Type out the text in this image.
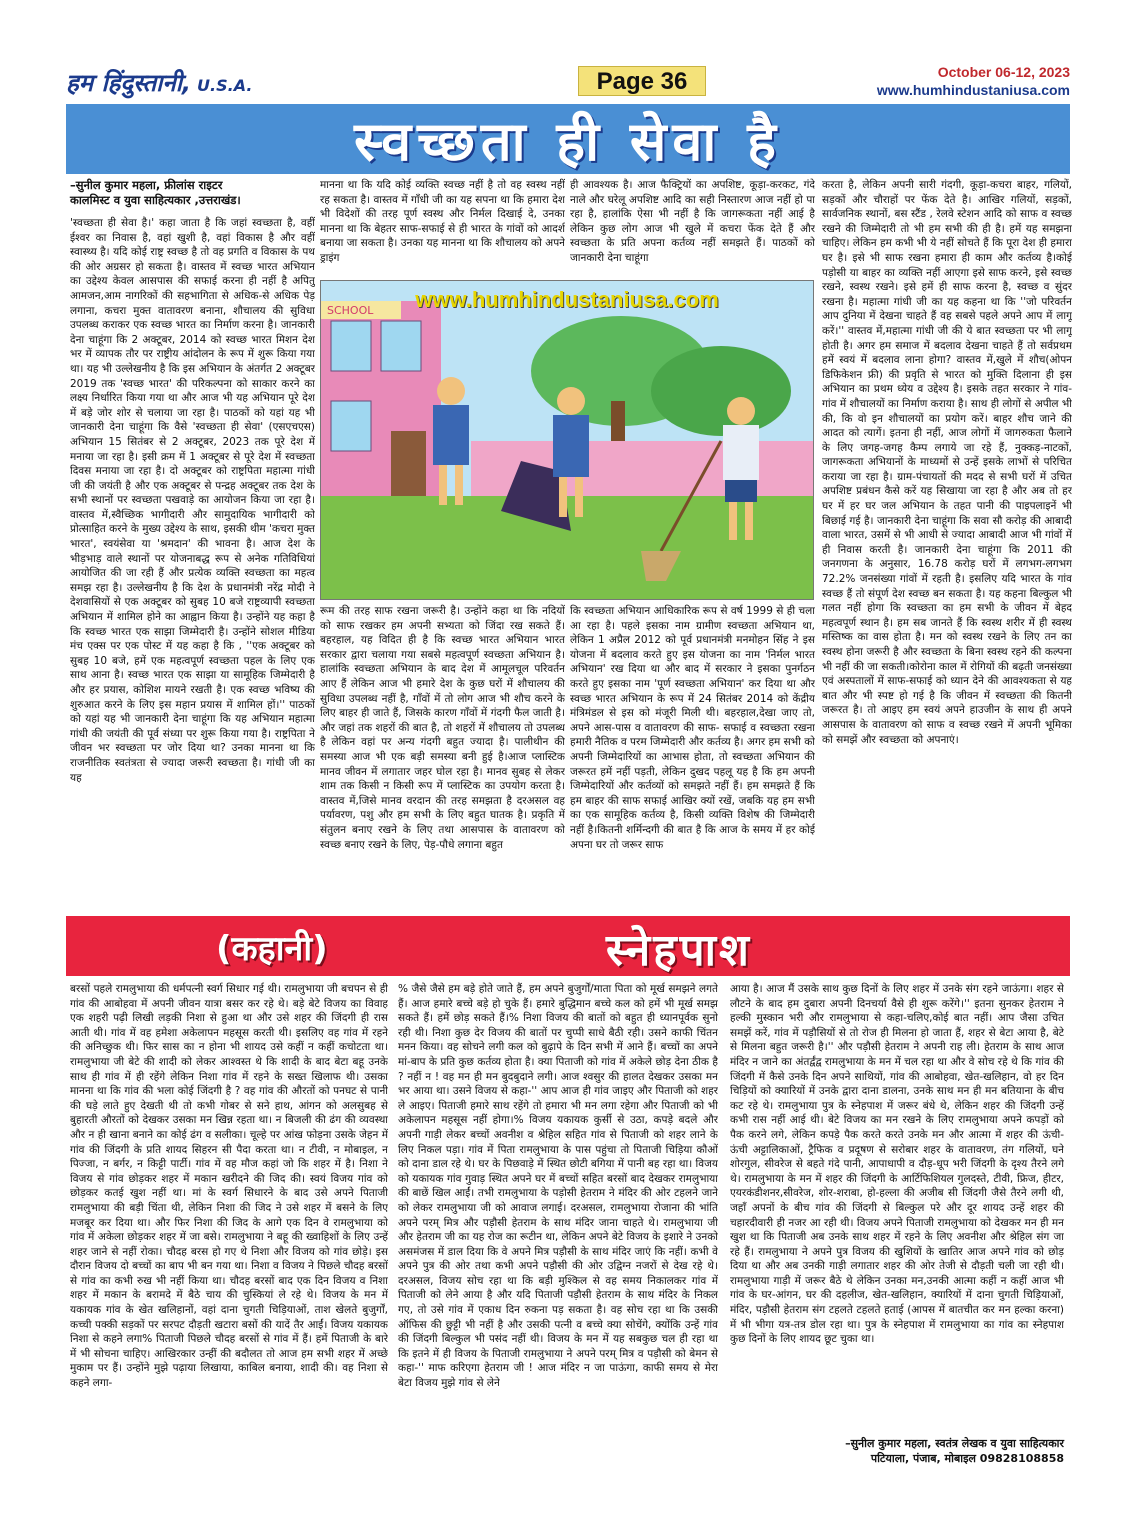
हम हिंदुस्तानी, U.S.A.	Page 36	October 06-12, 2023
www.humhindustaniusa.com
स्वच्छता ही सेवा है
–सुनील कुमार महला, फ्रीलांस राइटर
कालमिस्ट व युवा साहित्यकार ,उत्तराखंड।

'स्वच्छता ही सेवा है।' कहा जाता है कि जहां स्वच्छता है, वहीं ईश्वर का निवास है, वहां खुशी है, वहां विकास है और वहीं स्वास्थ्य है। यदि कोई राष्ट्र स्वच्छ है तो वह प्रगति व विकास के पथ की ओर अग्रसर हो सकता है। वास्तव में स्वच्छ भारत अभियान का उद्देश्य केवल आसपास की सफाई करना ही नहीं है अपितु आमजन,आम नागरिकों की सहभागिता से अधिक-से अधिक पेड़ लगाना, कचरा मुक्त वातावरण बनाना, शौचालय की सुविधा उपलब्ध कराकर एक स्वच्छ भारत का निर्माण करना है। जानकारी देना चाहूंगा कि 2 अक्टूबर, 2014 को स्वच्छ भारत मिशन देश भर में व्यापक तौर पर राष्ट्रीय आंदोलन के रूप में शुरू किया गया था। यह भी उल्लेखनीय है कि इस अभियान के अंतर्गत 2 अक्टूबर 2019 तक 'स्वच्छ भारत' की परिकल्पना को साकार करने का लक्ष्य निर्धारित किया गया था और आज भी यह अभियान पूरे देश में बड़े जोर शोर से चलाया जा रहा है। पाठकों को यहां यह भी जानकारी देना चाहूंगा कि वैसे 'स्वच्छता ही सेवा' (एसएचएस) अभियान 15 सितंबर से 2 अक्टूबर, 2023 तक पूरे देश में मनाया जा रहा है। इसी क्रम में 1 अक्टूबर से पूरे देश में स्वच्छता दिवस मनाया जा रहा है। दो अक्टूबर को राष्ट्रपिता महात्मा गांधी जी की जयंती है और एक अक्टूबर से पन्द्रह अक्टूबर तक देश के सभी स्थानों पर स्वच्छता पखवाड़े का आयोजन किया जा रहा है। वास्तव में,स्वैच्छिक भागीदारी और सामुदायिक भागीदारी को प्रोत्साहित करने के मुख्य उद्देश्य के साथ, इसकी थीम 'कचरा मुक्त भारत', स्वयंसेवा या 'श्रमदान' की भावना है। आज देश के भीड़भाड़ वाले स्थानों पर योजनाबद्ध रूप से अनेक गतिविधियां आयोजित की जा रही हैं और प्रत्येक व्यक्ति स्वच्छता का महत्व समझ रहा है। उल्लेखनीय है कि देश के प्रधानमंत्री नरेंद्र मोदी ने देशवासियों से एक अक्टूबर को सुबह 10 बजे राष्ट्रव्यापी स्वच्छता अभियान में शामिल होने का आह्वान किया है। उन्होंने यह कहा है कि स्वच्छ भारत एक साझा जिम्मेदारी है। उन्होंने सोशल मीडिया मंच एक्स पर एक पोस्ट में यह कहा है कि , ''एक अक्टूबर को सुबह 10 बजे, हमें एक महत्वपूर्ण स्वच्छता पहल के लिए एक साथ आना है। स्वच्छ भारत एक साझा या सामूहिक जिम्मेदारी है और हर प्रयास, कोशिश मायने रखती है। एक स्वच्छ भविष्य की शुरुआत करने के लिए इस महान प्रयास में शामिल हों।'' पाठकों को यहां यह भी जानकारी देना चाहूंगा कि यह अभियान महात्मा गांधी की जयंती की पूर्व संध्या पर शुरू किया गया है। राष्ट्रपिता ने जीवन भर स्वच्छता पर जोर दिया था? उनका मानना था कि राजनीतिक स्वतंत्रता से ज्यादा जरूरी स्वच्छता है। गांधी जी का यह

मानना था कि यदि कोई व्यक्ति स्वच्छ नहीं है तो वह स्वस्थ नहीं रह सकता है। वास्तव में गाँधी जी का यह सपना था कि हमारा देश भी विदेशों की तरह पूर्ण स्वस्थ और निर्मल दिखाई दे, उनका मानना था कि बेहतर साफ-सफाई से ही भारत के गांवों को आदर्श बनाया जा सकता है। उनका यह मानना था कि शौचालय को अपने ड्राइंग

ही आवश्यक है। आज फैक्ट्रियों का अपशिष्ट, कूड़ा-करकट, गंदे नाले और घरेलू अपशिष्ट आदि का सही निस्तारण आज नहीं हो पा रहा है, हालांकि ऐसा भी नहीं है कि जागरूकता नहीं आई है लेकिन कुछ लोग आज भी खुले में कचरा फेंक देते हैं और स्वच्छता के प्रति अपना कर्तव्य नहीं समझते हैं। पाठकों को जानकारी देना चाहूंगा

करता है, लेकिन अपनी सारी गंदगी, कूड़ा-कचरा बाहर, गलियों, सड़कों और चौराहों पर फेंक देते है। आखिर गलियों, सड़कों, सार्वजनिक स्थानों, बस स्टैंड , रेलवे स्टेशन आदि को साफ व स्वच्छ रखने की जिम्मेदारी तो भी हम सभी की ही है। हमें यह समझना चाहिए। लेकिन हम कभी भी ये नहीं सोचते हैं कि पूरा देश ही हमारा घर है। इसे भी साफ रखना हमारा ही काम और कर्तव्य है।कोई पड़ोसी या बाहर का व्यक्ति नहीं आएगा इसे साफ करने, इसे स्वच्छ रखने, स्वस्थ रखने। इसे हमें ही साफ करना है, स्वच्छ व सुंदर रखना है। महात्मा गांधी जी का यह कहना था कि ''जो परिवर्तन आप दुनिया में देखना चाहते हैं वह सबसे पहले अपने आप में लागू करें।'' वास्तव में,महात्मा गांधी जी की ये बात स्वच्छता पर भी लागू होती है। अगर हम समाज में बदलाव देखना चाहते हैं तो सर्वप्रथम हमें स्वयं में बदलाव लाना होगा? वास्तव में,खुले में शौच(ओपन डिफिकेशन फ्री) की प्रवृति से भारत को मुक्ति दिलाना ही इस अभियान का प्रथम ध्येय व उद्देश्य है। इसके तहत सरकार ने गांव-गांव में शौचालयों का निर्माण कराया है। साथ ही लोगों से अपील भी की, कि वो इन शौचालयों का प्रयोग करें। बाहर शौच जाने की आदत को त्यागें। इतना ही नहीं, आज लोगों में जागरुकता फैलाने के लिए जगह-जगह कैम्प लगाये जा रहे हैं, नुक्कड़-नाटकों, जागरूकता अभियानों के माध्यमों से उन्हें इसके लाभों से परिचित कराया जा रहा है। ग्राम-पंचायतों की मदद से सभी घरों में उचित अपशिष्ट प्रबंधन कैसे करें यह सिखाया जा रहा है और अब तो हर घर में हर घर जल अभियान के तहत पानी की पाइपलाइनें भी बिछाई गई है। जानकारी देना चाहूंगा कि सवा सौ करोड़ की आबादी वाला भारत, उसमें से भी आधी से ज्यादा आबादी आज भी गांवों में ही निवास करती है। जानकारी देना चाहूंगा कि 2011 की जनगणना के अनुसार, 16.78 करोड़ घरों में लगभग-लगभग 72.2% जनसंख्या गांवों में रहती है। इसलिए यदि भारत के गांव स्वच्छ हैं तो संपूर्ण देश स्वच्छ बन सकता है। यह कहना बिल्कुल भी गलत नहीं होगा कि स्वच्छता का हम सभी के जीवन में बेहद महत्वपूर्ण स्थान है। हम सब जानते हैं कि स्वस्थ शरीर में ही स्वस्थ मस्तिष्क का वास होता है। मन को स्वस्थ रखने के लिए तन का स्वस्थ होना जरूरी है और स्वच्छता के बिना स्वस्थ रहने की कल्पना भी नहीं की जा सकती।कोरोना काल में रोगियों की बढ़ती जनसंख्या एवं अस्पतालों में साफ-सफाई को ध्यान देने की आवश्यकता से यह बात और भी स्पष्ट हो गई है कि जीवन में स्वच्छता की कितनी जरूरत है। तो आइए हम स्वयं अपने हाउजीन के साथ ही अपने आसपास के वातावरण को साफ व स्वच्छ रखने में अपनी भूमिका को समझें और स्वच्छता को अपनाएं।

www.humhindustaniusa.com
SCHOOL

रूम की तरह साफ रखना जरूरी है। उन्होंने कहा था कि नदियों को साफ रखकर हम अपनी सभ्यता को जिंदा रख सकते हैं। बहरहाल, यह विदित ही है कि स्वच्छ भारत अभियान भारत सरकार द्वारा चलाया गया सबसे महत्वपूर्ण स्वच्छता अभियान है। हालांकि स्वच्छता अभियान के बाद देश में आमूलचूल परिवर्तन आए हैं लेकिन आज भी हमारे देश के कुछ घरों में शौचालय की सुविधा उपलब्ध नहीं है, गाँवों में तो लोग आज भी शौच करने के लिए बाहर ही जाते हैं, जिसके कारण गाँवों में गंदगी फैल जाती है। और जहां तक शहरों की बात है, तो शहरों में शौचालय तो उपलब्ध है लेकिन वहां पर अन्य गंदगी बहुत ज्यादा है। पालीथीन की समस्या आज भी एक बड़ी समस्या बनी हुई है।आज प्लास्टिक मानव जीवन में लगातार जहर घोल रहा है। मानव सुबह से लेकर शाम तक किसी न किसी रूप में प्लास्टिक का उपयोग करता है। वास्तव में,जिसे मानव वरदान की तरह समझता है दरअसल वह पर्यावरण, पशु और हम सभी के लिए बहुत घातक है। प्रकृति में संतुलन बनाए रखने के लिए तथा आसपास के वातावरण को स्वच्छ बनाए रखने के लिए, पेड़-पौधे लगाना बहुत

कि स्वच्छता अभियान आधिकारिक रूप से वर्ष 1999 से ही चला आ रहा है। पहले इसका नाम ग्रामीण स्वच्छता अभियान था, लेकिन 1 अप्रैल 2012 को पूर्व प्रधानमंत्री मनमोहन सिंह ने इस योजना में बदलाव करते हुए इस योजना का नाम 'निर्मल भारत अभियान' रख दिया था और बाद में सरकार ने इसका पुनर्गठन करते हुए इसका नाम 'पूर्ण स्वच्छता अभियान' कर दिया था और स्वच्छ भारत अभियान के रूप में 24 सितंबर 2014 को केंद्रीय मंत्रिमंडल से इस को मंजूरी मिली थी। बहरहाल,देखा जाए तो, अपने आस-पास व वातावरण की साफ- सफाई व स्वच्छता रखना हमारी नैतिक व परम जिम्मेदारी और कर्तव्य है। अगर हम सभी को अपनी जिम्मेदारियों का आभास होता, तो स्वच्छता अभियान की जरूरत हमें नहीं पड़ती, लेकिन दुखद पहलू यह है कि हम अपनी जिम्मेदारियों और कर्तव्यों को समझते नहीं हैं। हम समझते हैं कि हम बाहर की साफ सफाई आखिर क्यों रखें, जबकि यह हम सभी का एक सामूहिक कर्तव्य है, किसी व्यक्ति विशेष की जिम्मेदारी नहीं है।कितनी शर्मिन्दगी की बात है कि आज के समय में हर कोई अपना घर तो जरूर साफ

(कहानी)	स्नेहपाश

बरसों पहले रामलुभाया की धर्मपत्नी स्वर्ग सिधार गई थी। रामलुभाया जी बचपन से ही गांव की आबोहवा में अपनी जीवन यात्रा बसर कर रहे थे। बड़े बेटे विजय का विवाह एक शहरी पढ़ी लिखी लड़की निशा से हुआ था और उसे शहर की जिंदगी ही रास आती थी। गांव में वह हमेशा अकेलापन महसूस करती थी। इसलिए वह गांव में रहने की अनिच्छुक थी। फिर सास का न होना भी शायद उसे कहीं न कहीं कचोटता था। रामलुभाया जी बेटे की शादी को लेकर आश्वस्त थे कि शादी के बाद बेटा बहू उनके साथ ही गांव में ही रहेंगे लेकिन निशा गांव में रहने के सख्त खिलाफ थी। उसका मानना था कि गांव की भला कोई जिंदगी है ? वह गांव की औरतों को पनघट से पानी की घड़े लाते हुए देखती थी तो कभी गोबर से सने हाथ, आंगन को अलसुबह से बुहारती औरतों को देखकर उसका मन खिन्न रहता था। न बिजली की ढंग की व्यवस्था और न ही खाना बनाने का कोई ढंग व सलीका। चूल्हे पर आंख फोड़ना उसके जेहन में गांव की जिंदगी के प्रति शायद सिहरन सी पैदा करता था। न टीवी, न मोबाइल, न पिज्जा, न बर्गर, न किट्टी पार्टी। गांव में वह मौज कहां जो कि शहर में है। निशा ने विजय से गांव छोड़कर शहर में मकान खरीदने की जिद की। स्वयं विजय गांव को छोड़कर कतई खुश नहीं था। मां के स्वर्ग सिधारने के बाद उसे अपने पिताजी रामलुभाया की बड़ी चिंता थी, लेकिन निशा की जिद ने उसे शहर में बसने के लिए मजबूर कर दिया था। और फिर निशा की जिद के आगे एक दिन वे रामलुभाया को गांव में अकेला छोड़कर शहर में जा बसे। रामलुभाया ने बहू की ख्वाहिशों के लिए उन्हें शहर जाने से नहीं रोका। चौदह बरस हो गए थे निशा और विजय को गांव छोड़े। इस दौरान विजय दो बच्चों का बाप भी बन गया था। निशा व विजय ने पिछले चौदह बरसों से गांव का कभी रुख भी नहीं किया था। चौदह बरसों बाद एक दिन विजय व निशा शहर में मकान के बरामदे में बैठे चाय की चुस्कियां ले रहे थे। विजय के मन में यकायक गांव के खेत खलिहानों, वहां दाना चुगती चिड़ियाओं, ताश खेलते बुजुर्गों, कच्ची पक्की सड़कों पर सरपट दौड़ती खटारा बसों की यादें तैर आईं। विजय यकायक निशा से कहने लगा% पिताजी पिछले चौदह बरसों से गांव में हैं। हमें पिताजी के बारे में भी सोचना चाहिए। आखिरकार उन्हीं की बदौलत तो आज हम सभी शहर में अच्छे मुकाम पर हैं। उन्होंने मुझे पढ़ाया लिखाया, काबिल बनाया, शादी की। वह निशा से कहने लगा-

% जैसे जैसे हम बड़े होते जाते हैं, हम अपने बुजुर्गों/माता पिता को मूर्ख समझने लगते हैं। आज हमारे बच्चे बड़े हो चुके हैं। हमारे बुद्धिमान बच्चे कल को हमें भी मूर्ख समझ सकते हैं। हमें छोड़ सकते हैं।% निशा विजय की बातों को बहुत ही ध्यानपूर्वक सुनो रही थी। निशा कुछ देर विजय की बातों पर चुप्पी साधे बैठी रही। उसने काफी चिंतन मनन किया। वह सोचने लगी कल को बुढ़ापे के दिन सभी में आने हैं। बच्चों का अपने मां-बाप के प्रति कुछ कर्तव्य होता है। क्या पिताजी को गांव में अकेले छोड़ देना ठीक है ? नहीं न ! वह मन ही मन बुदबुदाने लगी। आज श्वसुर की हालत देखकर उसका मन भर आया था। उसने विजय से कहा-'' आप आज ही गांव जाइए और पिताजी को शहर ले आइए। पिताजी हमारे साथ रहेंगे तो हमारा भी मन लगा रहेगा और पिताजी को भी अकेलापन महसूस नहीं होगा।% विजय यकायक कुर्सी से उठा, कपड़े बदले और अपनी गाड़ी लेकर बच्चों अवनीश व श्रेहिल सहित गांव से पिताजी को शहर लाने के लिए निकल पड़ा। गांव में पिता रामलुभाया के पास पहुंचा तो पिताजी चिड़िया कौओं को दाना डाल रहे थे। घर के पिछवाड़े में स्थित छोटी बगिया में पानी बह रहा था। विजय को यकायक गांव गुवाड़ स्थित अपने घर में बच्चों सहित बरसों बाद देखकर रामलुभाया की बाछें खिल आईं। तभी रामलुभाया के पड़ोसी हेतराम ने मंदिर की ओर टहलने जाने को लेकर रामलुभाया जी को आवाज लगाई। दरअसल, रामलुभाया रोजाना की भांति अपने परम् मित्र और पड़ौसी हेतराम के साथ मंदिर जाना चाहते थे। रामलुभाया जी और हेतराम जी का यह रोज का रूटीन था, लेकिन अपने बेटे विजय के इशारे ने उनको असमंजस में डाल दिया कि वे अपने मित्र पड़ौसी के साथ मंदिर जाएं कि नहीं। कभी वे अपने पुत्र की ओर तथा कभी अपने पड़ौसी की ओर उद्विग्न नजरों से देख रहे थे। दरअसल, विजय सोच रहा था कि बड़ी मुश्किल से वह समय निकालकर गांव में पिताजी को लेने आया है और यदि पिताजी पड़ौसी हेतराम के साथ मंदिर के निकल गए, तो उसे गांव में एकाध दिन रुकना पड़ सकता है। वह सोच रहा था कि उसकी ऑफिस की छुट्टी भी नहीं है और उसकी पत्नी व बच्चे क्या सोचेंगे, क्योंकि उन्हें गांव की जिंदगी बिल्कुल भी पसंद नहीं थी। विजय के मन में यह सबकुछ चल ही रहा था कि इतने में ही विजय के पिताजी रामलुभाया ने अपने परम् मित्र व पड़ौसी को बेमन से कहा-'' माफ करिएगा हेतराम जी ! आज मंदिर न जा पाऊंगा, काफी समय से मेरा बेटा विजय मुझे गांव से लेने

आया है। आज मैं उसके साथ कुछ दिनों के लिए शहर में उनके संग रहने जाऊंगा। शहर से लौटने के बाद हम दुबारा अपनी दिनचर्या वैसे ही शुरू करेंगे।'' इतना सुनकर हेतराम ने हल्की मुस्कान भरी और रामलुभाया से कहा-चलिए,कोई बात नहीं। आप जैसा उचित समझें करें, गांव में पड़ौसियों से तो रोज ही मिलना हो जाता हैं, शहर से बेटा आया है, बेटे से मिलना बहुत जरूरी है।'' और पड़ौसी हेतराम ने अपनी राह ली। हेतराम के साथ आज मंदिर न जाने का अंतर्द्वंद्व रामलुभाया के मन में चल रहा था और वे सोच रहे थे कि गांव की जिंदगी में कैसे उनके दिन अपने साथियों, गांव की आबोहवा, खेत-खलिहान, वो हर दिन चिड़ियों को क्यारियों में उनके द्वारा दाना डालना, उनके साथ मन ही मन बतियाना के बीच कट रहे थे। रामलुभाया पुत्र के स्नेहपाश में जरूर बंधे थे, लेकिन शहर की जिंदगी उन्हें कभी रास नहीं आई थी। बेटे विजय का मन रखने के लिए रामलुभाया अपने कपड़ों को पैक करने लगे, लेकिन कपड़े पैक करते करते उनके मन और आत्मा में शहर की ऊंची-ऊंची अट्टालिकाओं, ट्रैफिक व प्रदूषण से सरोबार शहर के वातावरण, तंग गलियों, घने शोरगुल, सीवरेज से बहते गंदे पानी, आपाधापी व दौड़-धूप भरी जिंदगी के दृश्य तैरने लगे थे। रामलुभाया के मन में शहर की जिंदगी के आर्टिफिशियल गुलदस्ते, टीवी, फ्रिज, हीटर, एयरकंडीशनर,सीवरेज, शोर-शराबा, हो-हल्ला की अजीब सी जिंदगी जैसे तैरने लगी थी, जहाँ अपनों के बीच गांव की जिंदगी से बिल्कुल परे और दूर शायद उन्हें शहर की चहारदीवारी ही नजर आ रही थी। विजय अपने पिताजी रामलुभाया को देखकर मन ही मन खुश था कि पिताजी अब उनके साथ शहर में रहने के लिए अवनीश और श्रेहिल संग जा रहे हैं। रामलुभाया ने अपने पुत्र विजय की खुशियों के खातिर आज अपने गांव को छोड़ दिया था और अब उनकी गाड़ी लगातार शहर की ओर तेजी से दौड़ती चली जा रही थी। रामलुभाया गाड़ी में जरूर बैठे थे लेकिन उनका मन,उनकी आत्मा कहीं न कहीं आज भी गांव के घर-आंगन, घर की दहलीज, खेत-खलिहान, क्यारियों में दाना चुगती चिड़ियाओं, मंदिर, पड़ौसी हेतराम संग टहलते टहलते हताई (आपस में बातचीत कर मन हल्का करना) में भी भीगा यत्र-तत्र डोल रहा था। पुत्र के स्नेहपाश में रामलुभाया का गांव का स्नेहपाश कुछ दिनों के लिए शायद छूट चुका था।

–सुनील कुमार महला, स्वतंत्र लेखक व युवा साहित्यकार
पटियाला, पंजाब, मोबाइल 09828108858
